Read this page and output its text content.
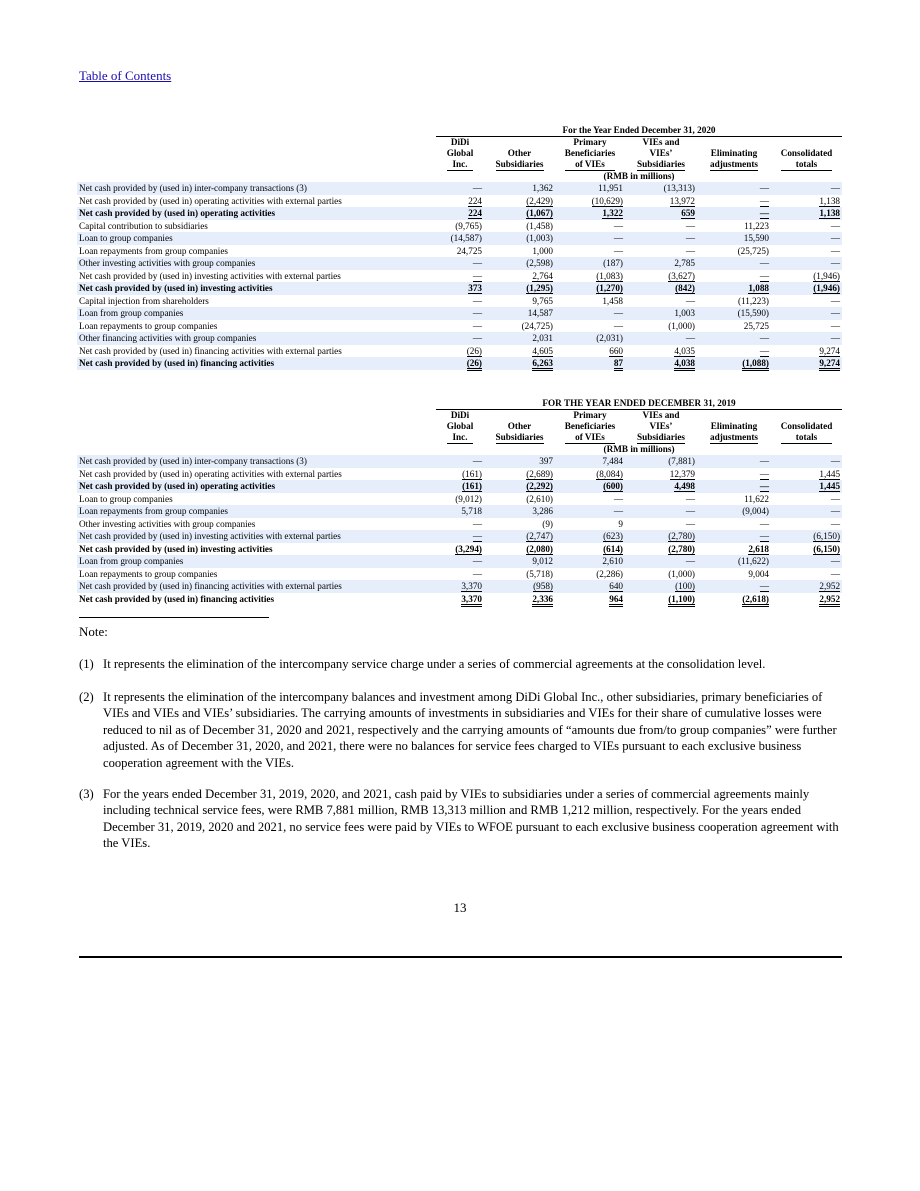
Table of Contents
	For the Year Ended December 31, 2020					
	DiDi
Global
Inc.	Other
Subsidiaries	Primary
Beneficiaries
of VIEs	VIEs and
VIEs’
Subsidiaries	Eliminating
adjustments	Consolidated
totals
	(RMB in millions)					
Net cash provided by (used in) inter-company transactions (3)	—	1,362	11,951	(13,313)	—	—
Net cash provided by (used in) operating activities with external parties	224	(2,429)	(10,629)	13,972	—	1,138
Net cash provided by (used in) operating activities	224	(1,067)	1,322	659	—	1,138
Capital contribution to subsidiaries	(9,765)	(1,458)	—	—	11,223	—
Loan to group companies	(14,587)	(1,003)	—	—	15,590	—
Loan repayments from group companies	24,725	1,000	—	—	(25,725)	—
Other investing activities with group companies	—	(2,598)	(187)	2,785	—	—
Net cash provided by (used in) investing activities with external parties	—	2,764	(1,083)	(3,627)	—	(1,946)
Net cash provided by (used in) investing activities	373	(1,295)	(1,270)	(842)	1,088	(1,946)
Capital injection from shareholders	—	9,765	1,458	—	(11,223)	—
Loan from group companies	—	14,587	—	1,003	(15,590)	—
Loan repayments to group companies	—	(24,725)	—	(1,000)	25,725	—
Other financing activities with group companies	—	2,031	(2,031)	—	—	—
Net cash provided by (used in) financing activities with external parties	(26)	4,605	660	4,035	—	9,274
Net cash provided by (used in) financing activities	(26)	6,263	87	4,038	(1,088)	9,274
	FOR THE YEAR ENDED DECEMBER 31, 2019					
	DiDi
Global
Inc.	Other
Subsidiaries	Primary
Beneficiaries
of VIEs	VIEs and
VIEs’
Subsidiaries	Eliminating
adjustments	Consolidated
totals
	(RMB in millions)					
Net cash provided by (used in) inter-company transactions (3)	—	397	7,484	(7,881)	—	—
Net cash provided by (used in) operating activities with external parties	(161)	(2,689)	(8,084)	12,379	—	1,445
Net cash provided by (used in) operating activities	(161)	(2,292)	(600)	4,498	—	1,445
Loan to group companies	(9,012)	(2,610)	—	—	11,622	—
Loan repayments from group companies	5,718	3,286	—	—	(9,004)	—
Other investing activities with group companies	—	(9)	9	—	—	—
Net cash provided by (used in) investing activities with external parties	—	(2,747)	(623)	(2,780)	—	(6,150)
Net cash provided by (used in) investing activities	(3,294)	(2,080)	(614)	(2,780)	2,618	(6,150)
Loan from group companies	—	9,012	2,610	—	(11,622)	—
Loan repayments to group companies	—	(5,718)	(2,286)	(1,000)	9,004	—
Net cash provided by (used in) financing activities with external parties	3,370	(958)	640	(100)	—	2,952
Net cash provided by (used in) financing activities	3,370	2,336	964	(1,100)	(2,618)	2,952
Note:
(1) It represents the elimination of the intercompany service charge under a series of commercial agreements at the consolidation level.
(2) It represents the elimination of the intercompany balances and investment among DiDi Global Inc., other subsidiaries, primary beneficiaries of VIEs and VIEs and VIEs’ subsidiaries. The carrying amounts of investments in subsidiaries and VIEs for their share of cumulative losses were reduced to nil as of December 31, 2020 and 2021, respectively and the carrying amounts of “amounts due from/to group companies” were further adjusted. As of December 31, 2020, and 2021, there were no balances for service fees charged to VIEs pursuant to each exclusive business cooperation agreement with the VIEs.
(3) For the years ended December 31, 2019, 2020, and 2021, cash paid by VIEs to subsidiaries under a series of commercial agreements mainly including technical service fees, were RMB 7,881 million, RMB 13,313 million and RMB 1,212 million, respectively. For the years ended December 31, 2019, 2020 and 2021, no service fees were paid by VIEs to WFOE pursuant to each exclusive business cooperation agreement with the VIEs.
13
